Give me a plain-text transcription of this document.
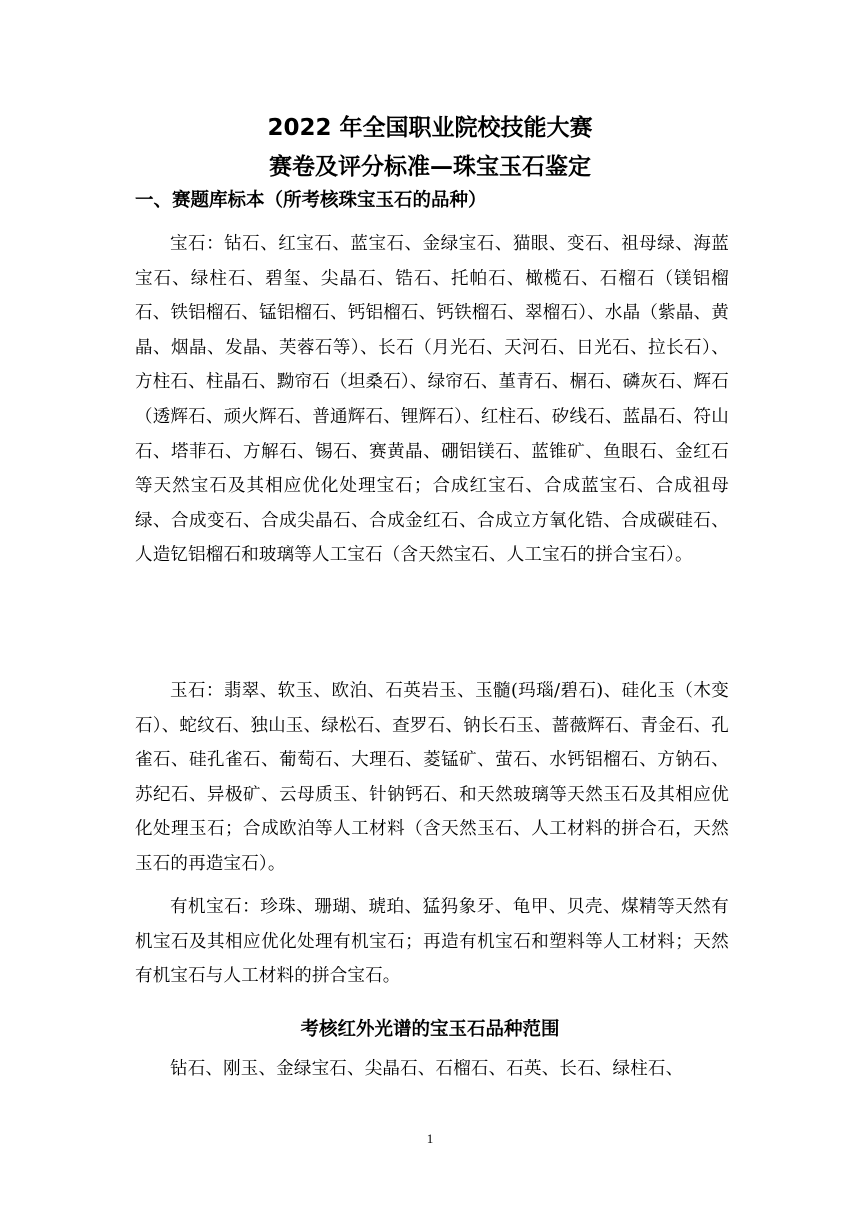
2022 年全国职业院校技能大赛
赛卷及评分标准—珠宝玉石鉴定
一、赛题库标本（所考核珠宝玉石的品种）
宝石：钻石、红宝石、蓝宝石、金绿宝石、猫眼、变石、祖母绿、海蓝宝石、绿柱石、碧玺、尖晶石、锆石、托帕石、橄榄石、石榴石（镁铝榴石、铁铝榴石、锰铝榴石、钙铝榴石、钙铁榴石、翠榴石）、水晶（紫晶、黄晶、烟晶、发晶、芙蓉石等）、长石（月光石、天河石、日光石、拉长石）、方柱石、柱晶石、黝帘石（坦桑石）、绿帘石、堇青石、榍石、磷灰石、辉石（透辉石、顽火辉石、普通辉石、锂辉石）、红柱石、矽线石、蓝晶石、符山石、塔菲石、方解石、锡石、赛黄晶、硼铝镁石、蓝锥矿、鱼眼石、金红石等天然宝石及其相应优化处理宝石；合成红宝石、合成蓝宝石、合成祖母绿、合成变石、合成尖晶石、合成金红石、合成立方氧化锆、合成碳硅石、人造钇铝榴石和玻璃等人工宝石（含天然宝石、人工宝石的拼合宝石）。
玉石：翡翠、软玉、欧泊、石英岩玉、玉髓(玛瑙/碧石)、硅化玉（木变石）、蛇纹石、独山玉、绿松石、查罗石、钠长石玉、蔷薇辉石、青金石、孔雀石、硅孔雀石、葡萄石、大理石、菱锰矿、萤石、水钙铝榴石、方钠石、苏纪石、异极矿、云母质玉、针钠钙石、和天然玻璃等天然玉石及其相应优化处理玉石；合成欧泊等人工材料（含天然玉石、人工材料的拼合石，天然玉石的再造宝石）。
有机宝石：珍珠、珊瑚、琥珀、猛犸象牙、龟甲、贝壳、煤精等天然有机宝石及其相应优化处理有机宝石；再造有机宝石和塑料等人工材料；天然有机宝石与人工材料的拼合宝石。
考核红外光谱的宝玉石品种范围
钻石、刚玉、金绿宝石、尖晶石、石榴石、石英、长石、绿柱石、
1
